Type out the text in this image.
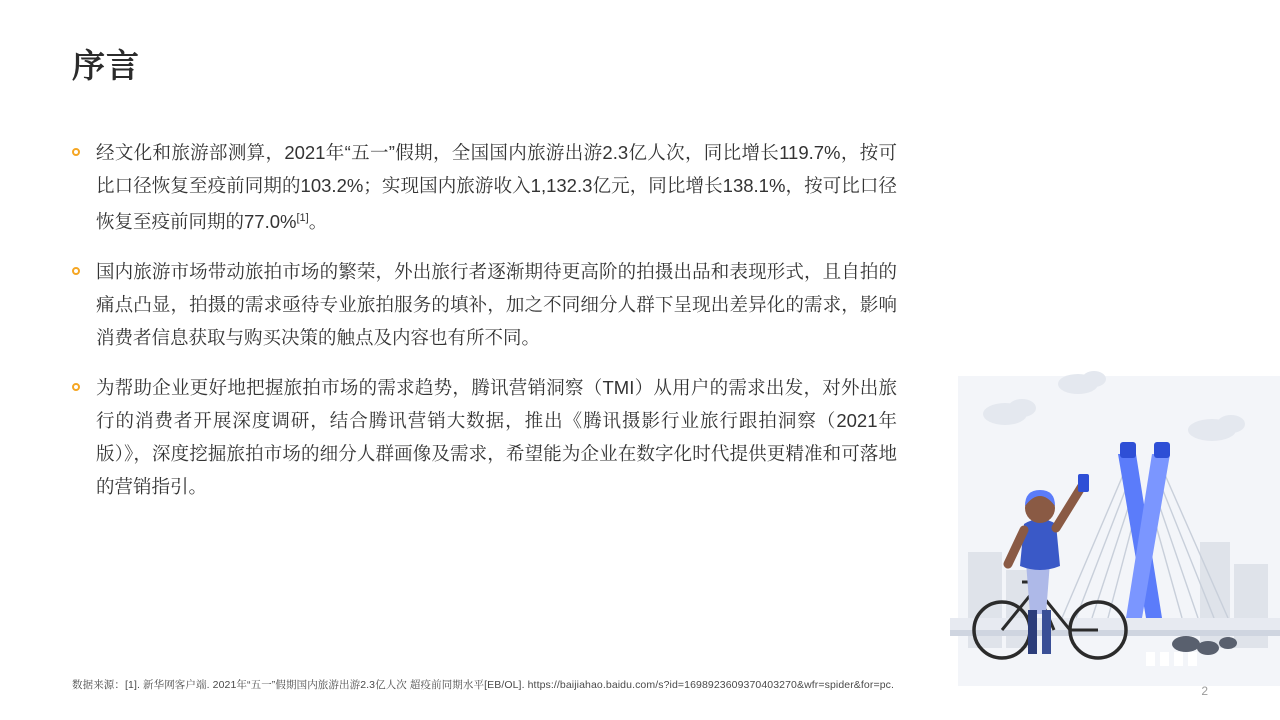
序言
经文化和旅游部测算，2021年“五一”假期，全国国内旅游出游2.3亿人次，同比增长119.7%，按可比口径恢复至疫前同期的103.2%；实现国内旅游收入1,132.3亿元，同比增长138.1%，按可比口径恢复至疫前同期的77.0%[1]。
国内旅游市场带动旅拍市场的繁荣，外出旅行者逐渐期待更高阶的拍摄出品和表现形式，且自拍的痛点凸显，拍摄的需求亟待专业旅拍服务的填补，加之不同细分人群下呈现出差异化的需求，影响消费者信息获取与购买决策的触点及内容也有所不同。
为帮助企业更好地把握旅拍市场的需求趋势，腾讯营销洞察（TMI）从用户的需求出发，对外出旅行的消费者开展深度调研，结合腾讯营销大数据，推出《腾讯摄影行业旅行跟拍洞察（2021年版）》，深度挖掘旅拍市场的细分人群画像及需求，希望能为企业在数字化时代提供更精准和可落地的营销指引。
数据来源：[1]. 新华网客户端. 2021年“五一”假期国内旅游出游2.3亿人次 超疫前同期水平[EB/OL]. https://baijiahao.baidu.com/s?id=1698923609370403270&wfr=spider&for=pc.	2
